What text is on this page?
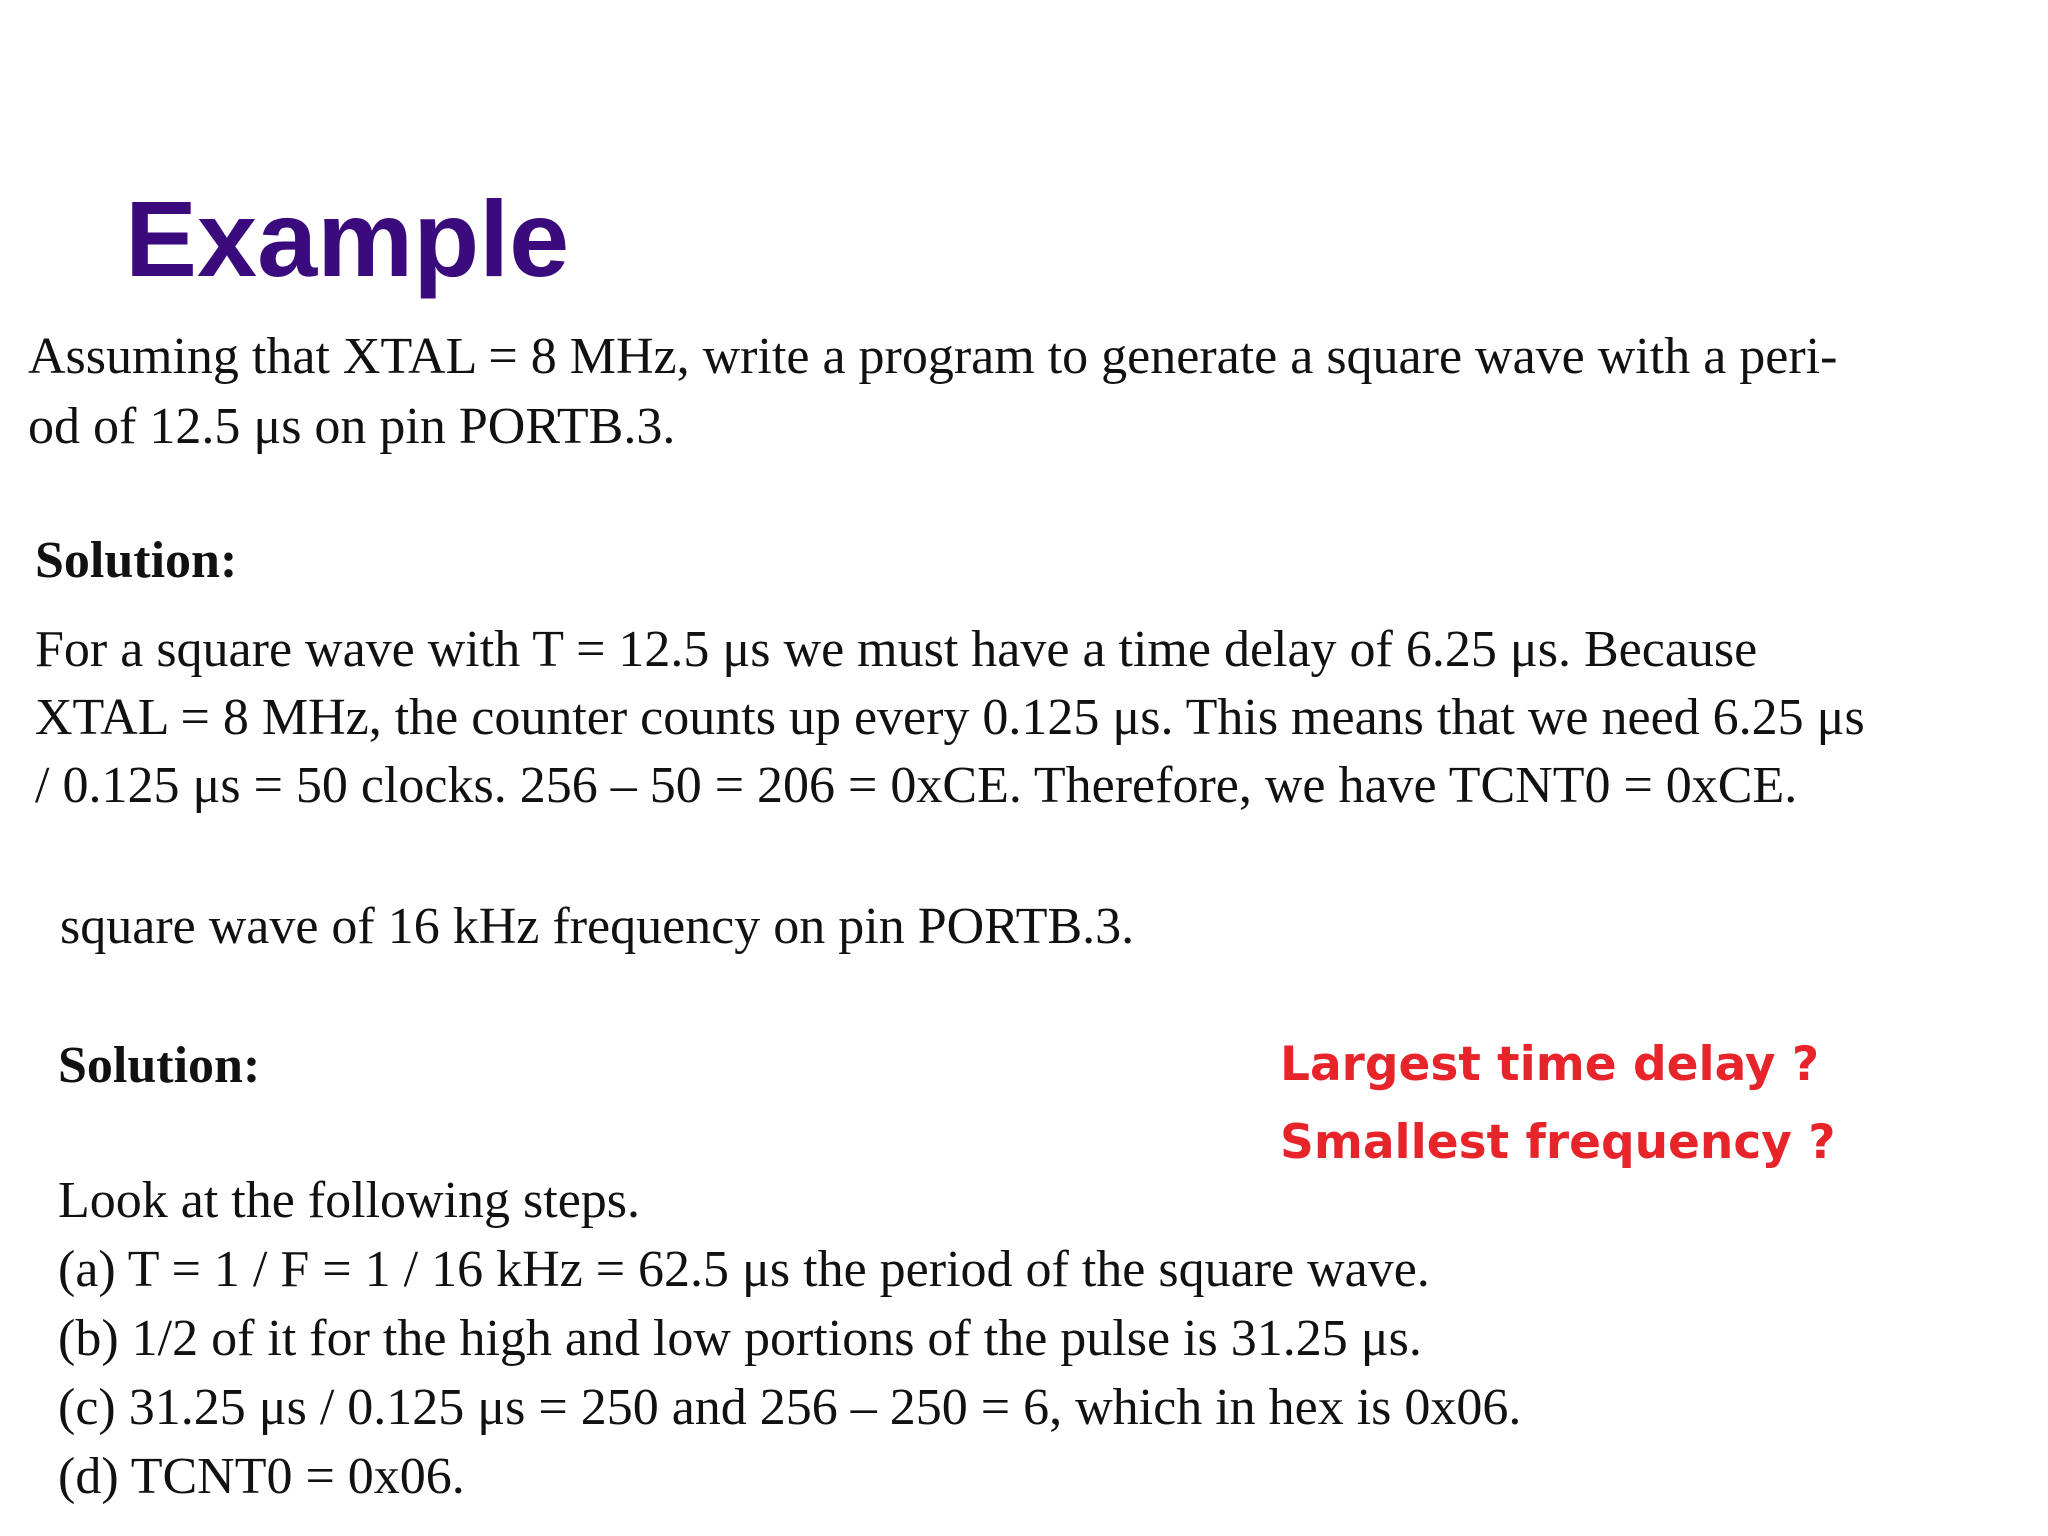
Example
Assuming that XTAL = 8 MHz, write a program to generate a square wave with a peri-
od of 12.5 μs on pin PORTB.3.
Solution:
For a square wave with T = 12.5 μs we must have a time delay of 6.25 μs. Because
XTAL = 8 MHz, the counter counts up every 0.125 μs. This means that we need 6.25 μs
/ 0.125 μs = 50 clocks. 256 – 50 = 206 = 0xCE. Therefore, we have TCNT0 = 0xCE.
square wave of 16 kHz frequency on pin PORTB.3.
Solution:	Largest time delay ?
Smallest frequency ?
Look at the following steps.
(a) T = 1 / F = 1 / 16 kHz = 62.5 μs the period of the square wave.
(b) 1/2 of it for the high and low portions of the pulse is 31.25 μs.
(c) 31.25 μs / 0.125 μs = 250 and 256 – 250 = 6, which in hex is 0x06.
(d) TCNT0 = 0x06.
